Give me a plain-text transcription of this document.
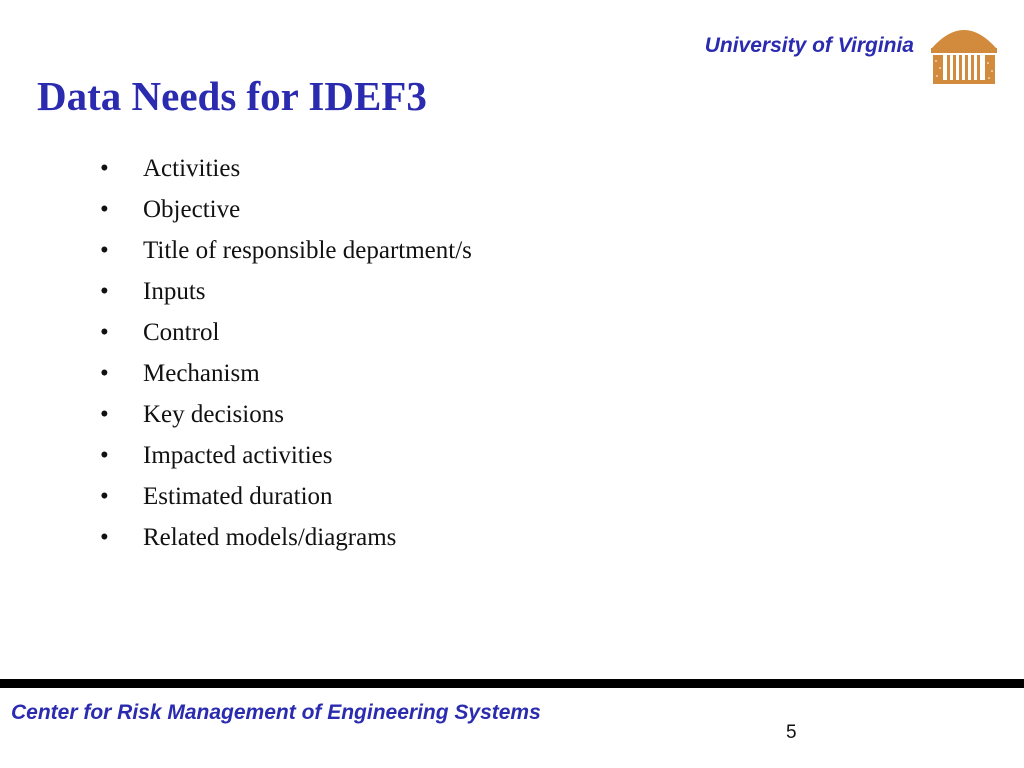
University of Virginia
Data Needs for IDEF3
• Activities
• Objective
• Title of responsible department/s
• Inputs
• Control
• Mechanism
• Key decisions
• Impacted activities
• Estimated duration
• Related models/diagrams
Center for Risk Management of Engineering Systems
5
